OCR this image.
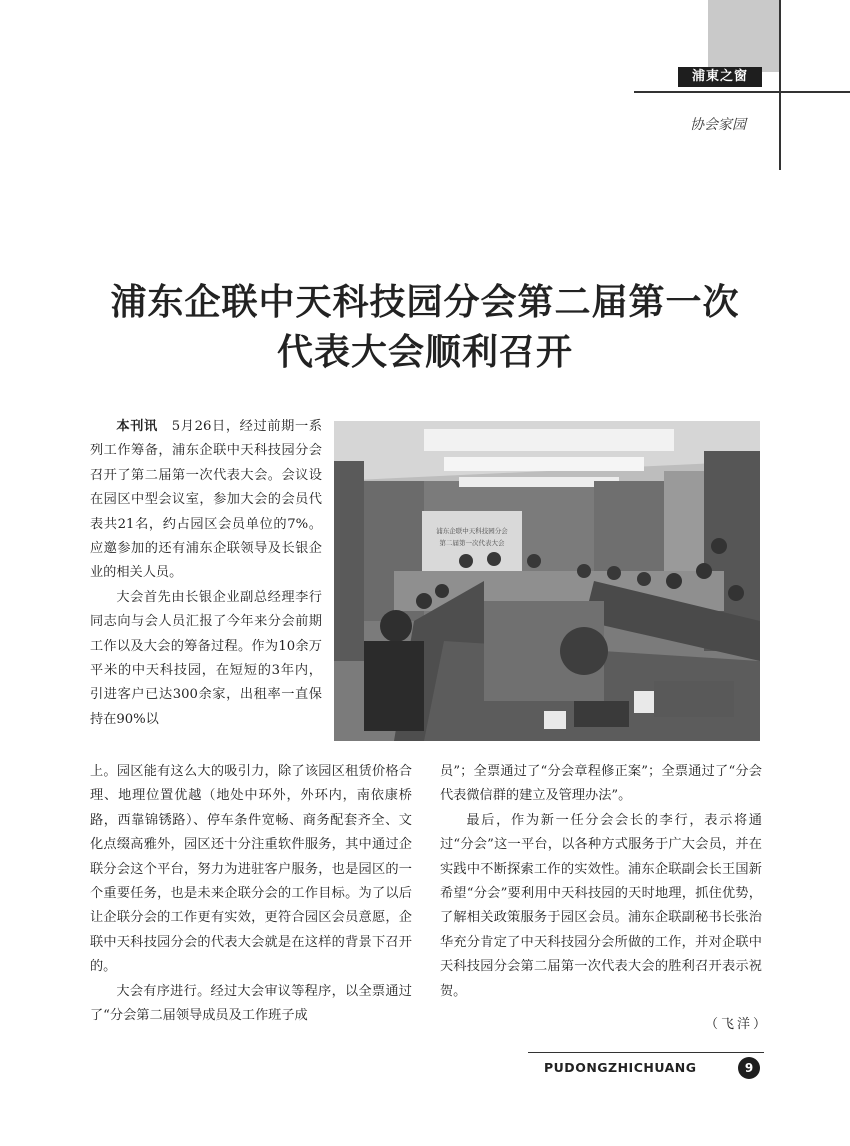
浦東之窗
协会家园
浦东企联中天科技园分会第二届第一次
代表大会顺利召开

本刊讯　 5月26日，经过前期一系列工作筹备，浦东企联中天科技园分会召开了第二届第一次代表大会。会议设在园区中型会议室，参加大会的会员代表共21名，约占园区会员单位的7%。应邀参加的还有浦东企联领导及长银企业的相关人员。

大会首先由长银企业副总经理李行同志向与会人员汇报了今年来分会前期工作以及大会的筹备过程。作为10余万平米的中天科技园，在短短的3年内，引进客户已达300余家，出租率一直保持在90%以

浦东企联中天科技园分会
第二届第一次代表大会

上。园区能有这么大的吸引力，除了该园区租赁价格合理、地理位置优越（地处中环外，外环内，南依康桥路，西靠锦锈路）、停车条件宽畅、商务配套齐全、文化点缀高雅外，园区还十分注重软件服务，其中通过企联分会这个平台，努力为进驻客户服务，也是园区的一个重要任务，也是未来企联分会的工作目标。为了以后让企联分会的工作更有实效，更符合园区会员意愿，企联中天科技园分会的代表大会就是在这样的背景下召开的。

大会有序进行。经过大会审议等程序，以全票通过了“分会第二届领导成员及工作班子成

员”；全票通过了“分会章程修正案”；全票通过了“分会代表微信群的建立及管理办法”。

最后，作为新一任分会会长的李行，表示将通过“分会”这一平台，以各种方式服务于广大会员，并在实践中不断探索工作的实效性。浦东企联副会长王国新希望“分会”要利用中天科技园的天时地理，抓住优势，了解相关政策服务于园区会员。浦东企联副秘书长张治华充分肯定了中天科技园分会所做的工作，并对企联中天科技园分会第二届第一次代表大会的胜利召开表示祝贺。

（飞洋）
PUDONGZHICHUANG	9
